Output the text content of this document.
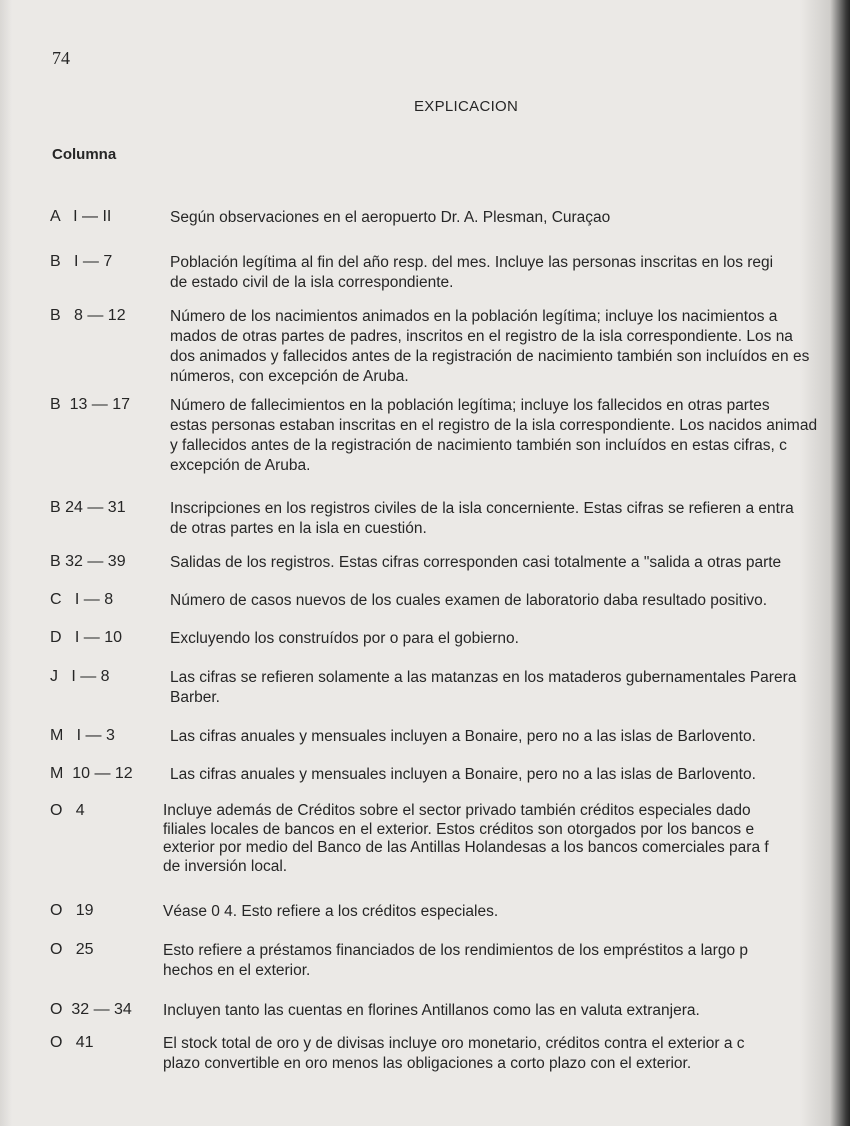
74
EXPLICACION
Columna
A   I — II	Según observaciones en el aeropuerto Dr. A. Plesman, Curaçao
B   I — 7	Población legítima al fin del año resp. del mes. Incluye las personas inscritas en los regi
de estado civil de la isla correspondiente.
B   8 — 12	Número de los nacimientos animados en la población legítima; incluye los nacimientos a
mados de otras partes de padres, inscritos en el registro de la isla correspondiente. Los na
dos animados y fallecidos antes de la registración de nacimiento también son incluídos en es
números, con excepción de Aruba.
B  13 — 17	Número de fallecimientos en la población legítima; incluye los fallecidos en otras partes
estas personas estaban inscritas en el registro de la isla correspondiente. Los nacidos animad
y fallecidos antes de la registración de nacimiento también son incluídos en estas cifras, c
excepción de Aruba.
B 24 — 31	Inscripciones en los registros civiles de la isla concerniente. Estas cifras se refieren a entra
de otras partes en la isla en cuestión.
B 32 — 39	Salidas de los registros. Estas cifras corresponden casi totalmente a "salida a otras parte
C   I — 8	Número de casos nuevos de los cuales examen de laboratorio daba resultado positivo.
D   I — 10	Excluyendo los construídos por o para el gobierno.
J   I — 8	Las cifras se refieren solamente a las matanzas en los mataderos gubernamentales Parera
Barber.
M   I — 3	Las cifras anuales y mensuales incluyen a Bonaire, pero no a las islas de Barlovento.
M  10 — 12 Las cifras anuales y mensuales incluyen a Bonaire, pero no a las islas de Barlovento.
O   4	Incluye además de Créditos sobre el sector privado también créditos especiales dado
filiales locales de bancos en el exterior. Estos créditos son otorgados por los bancos e
exterior por medio del Banco de las Antillas Holandesas a los bancos comerciales para f
de inversión local.
O   19	Véase 0 4. Esto refiere a los créditos especiales.
O   25	Esto refiere a préstamos financiados de los rendimientos de los empréstitos a largo p
hechos en el exterior.
O  32 — 34 Incluyen tanto las cuentas en florines Antillanos como las en valuta extranjera.
O   41	El stock total de oro y de divisas incluye oro monetario, créditos contra el exterior a c
plazo convertible en oro menos las obligaciones a corto plazo con el exterior.
